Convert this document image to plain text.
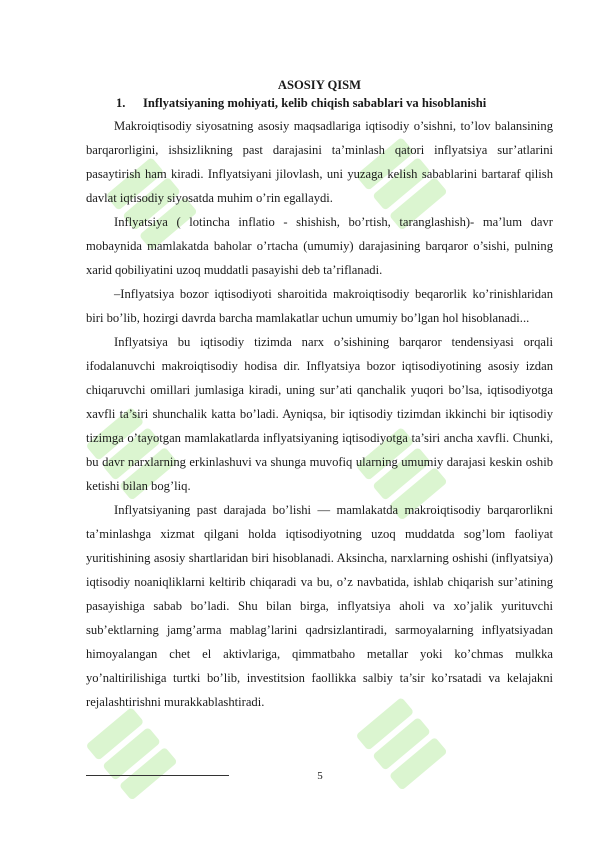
ASOSIY QISM

1. Inflyatsiyaning mohiyati, kelib chiqish sabablari va hisoblanishi

Makroiqtisodiy siyosatning asosiy maqsadlariga iqtisodiy o’sishni, to’lov balansining barqarorligini, ishsizlikning past darajasini ta’minlash qatori inflyatsiya sur’atlarini pasaytirish ham kiradi. Inflyatsiyani jilovlash, uni yuzaga kelish sabablarini bartaraf qilish davlat iqtisodiy siyosatda muhim o’rin egallaydi.

Inflyatsiya ( lotincha inflatio - shishish, bo’rtish, taranglashish)- ma’lum davr mobaynida mamlakatda baholar o’rtacha (umumiy) darajasining barqaror o’sishi, pulning xarid qobiliyatini uzoq muddatli pasayishi deb ta’riflanadi.

–Inflyatsiya bozor iqtisodiyoti sharoitida makroiqtisodiy beqarorlik ko’rinishlaridan biri bo’lib, hozirgi davrda barcha mamlakatlar uchun umumiy bo’lgan hol hisoblanadi...

Inflyatsiya bu iqtisodiy tizimda narx o’sishining barqaror tendensiyasi orqali ifodalanuvchi makroiqtisodiy hodisa dir. Inflyatsiya bozor iqtisodiyotining asosiy izdan chiqaruvchi omillari jumlasiga kiradi, uning sur’ati qanchalik yuqori bo’lsa, iqtisodiyotga xavfli ta’siri shunchalik katta bo’ladi. Ayniqsa, bir iqtisodiy tizimdan ikkinchi bir iqtisodiy tizimga o’tayotgan mamlakatlarda inflyatsiyaning iqtisodiyotga ta’siri ancha xavfli. Chunki, bu davr narxlarning erkinlashuvi va shunga muvofiq ularning umumiy darajasi keskin oshib ketishi bilan bog’liq.

Inflyatsiyaning past darajada bo’lishi — mamlakatda makroiqtisodiy barqarorlikni ta’minlashga xizmat qilgani holda iqtisodiyotning uzoq muddatda sog’lom faoliyat yuritishining asosiy shartlaridan biri hisoblanadi. Aksincha, narxlarning oshishi (inflyatsiya) iqtisodiy noaniqliklarni keltirib chiqaradi va bu, o’z navbatida, ishlab chiqarish sur’atining pasayishiga sabab bo’ladi. Shu bilan birga, inflyatsiya aholi va xo’jalik yurituvchi sub’ektlarning jamg’arma mablag’larini qadrsizlantiradi, sarmoyalarning inflyatsiyadan himoyalangan chet el aktivlariga, qimmatbaho metallar yoki ko’chmas mulkka yo’naltirilishiga turtki bo’lib, investitsion faollikka salbiy ta’sir ko’rsatadi va kelajakni rejalashtirishni murakkablashtiradi.

5
